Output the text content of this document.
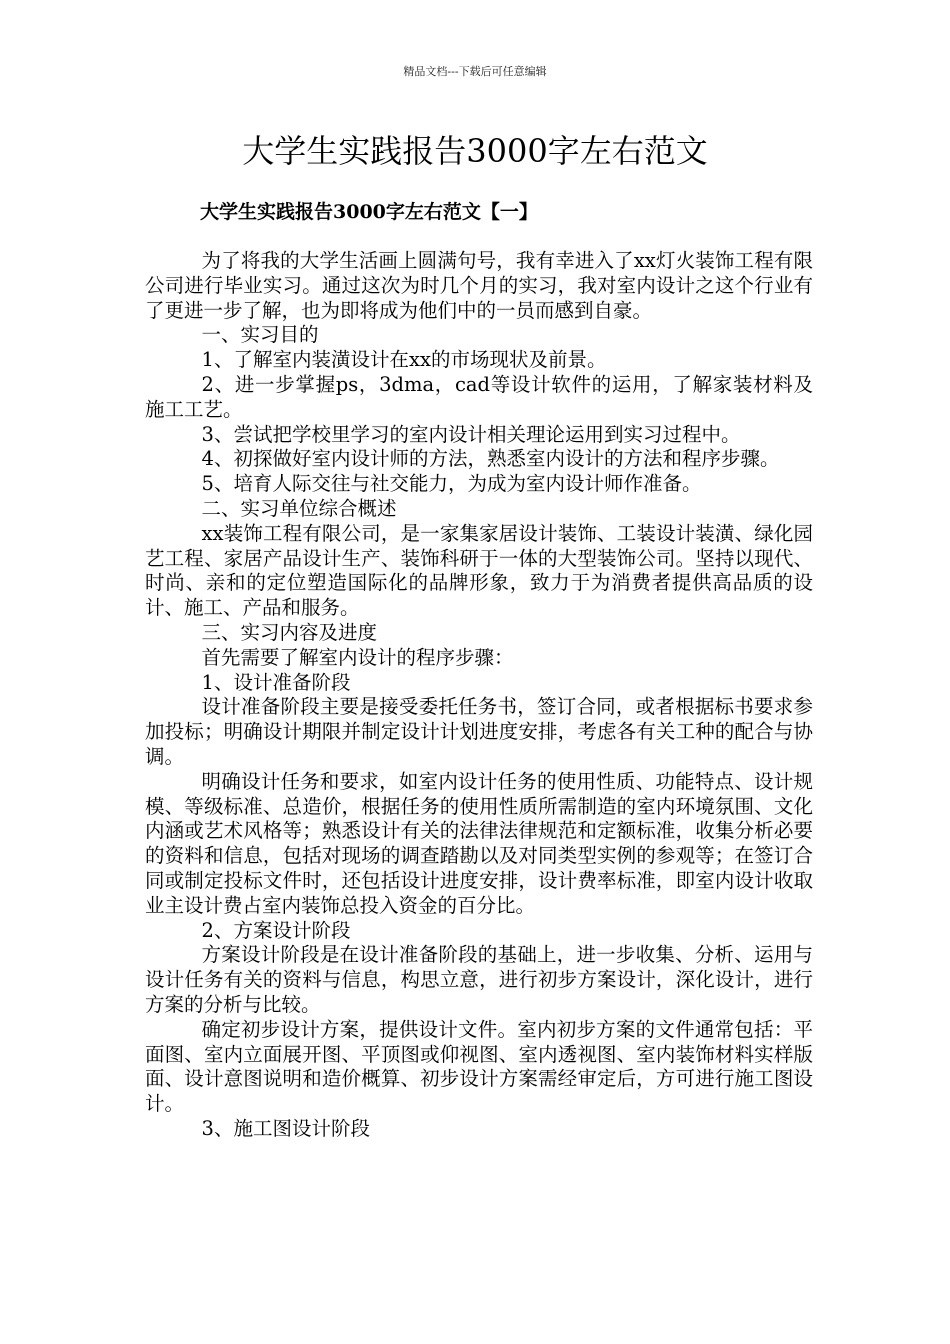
精品文档---下载后可任意编辑
大学生实践报告3000字左右范文
大学生实践报告3000字左右范文【一】

为了将我的大学生活画上圆满句号，我有幸进入了xx灯火装饰工程有限公司进行毕业实习。通过这次为时几个月的实习，我对室内设计之这个行业有了更进一步了解，也为即将成为他们中的一员而感到自豪。

一、实习目的

1、了解室内装潢设计在xx的市场现状及前景。

2、进一步掌握ps，3dma，cad等设计软件的运用，了解家装材料及施工工艺。

3、尝试把学校里学习的室内设计相关理论运用到实习过程中。

4、初探做好室内设计师的方法，熟悉室内设计的方法和程序步骤。

5、培育人际交往与社交能力，为成为室内设计师作准备。

二、实习单位综合概述

xx装饰工程有限公司，是一家集家居设计装饰、工装设计装潢、绿化园艺工程、家居产品设计生产、装饰科研于一体的大型装饰公司。坚持以现代、时尚、亲和的定位塑造国际化的品牌形象，致力于为消费者提供高品质的设计、施工、产品和服务。

三、实习内容及进度

首先需要了解室内设计的程序步骤：

1、设计准备阶段

设计准备阶段主要是接受委托任务书，签订合同，或者根据标书要求参加投标；明确设计期限并制定设计计划进度安排，考虑各有关工种的配合与协调。

明确设计任务和要求，如室内设计任务的使用性质、功能特点、设计规模、等级标准、总造价，根据任务的使用性质所需制造的室内环境氛围、文化内涵或艺术风格等；熟悉设计有关的法律法律规范和定额标准，收集分析必要的资料和信息，包括对现场的调查踏勘以及对同类型实例的参观等；在签订合同或制定投标文件时，还包括设计进度安排，设计费率标准，即室内设计收取业主设计费占室内装饰总投入资金的百分比。

2、方案设计阶段

方案设计阶段是在设计准备阶段的基础上，进一步收集、分析、运用与设计任务有关的资料与信息，构思立意，进行初步方案设计，深化设计，进行方案的分析与比较。

确定初步设计方案，提供设计文件。室内初步方案的文件通常包括：平面图、室内立面展开图、平顶图或仰视图、室内透视图、室内装饰材料实样版面、设计意图说明和造价概算、初步设计方案需经审定后，方可进行施工图设计。

3、施工图设计阶段
